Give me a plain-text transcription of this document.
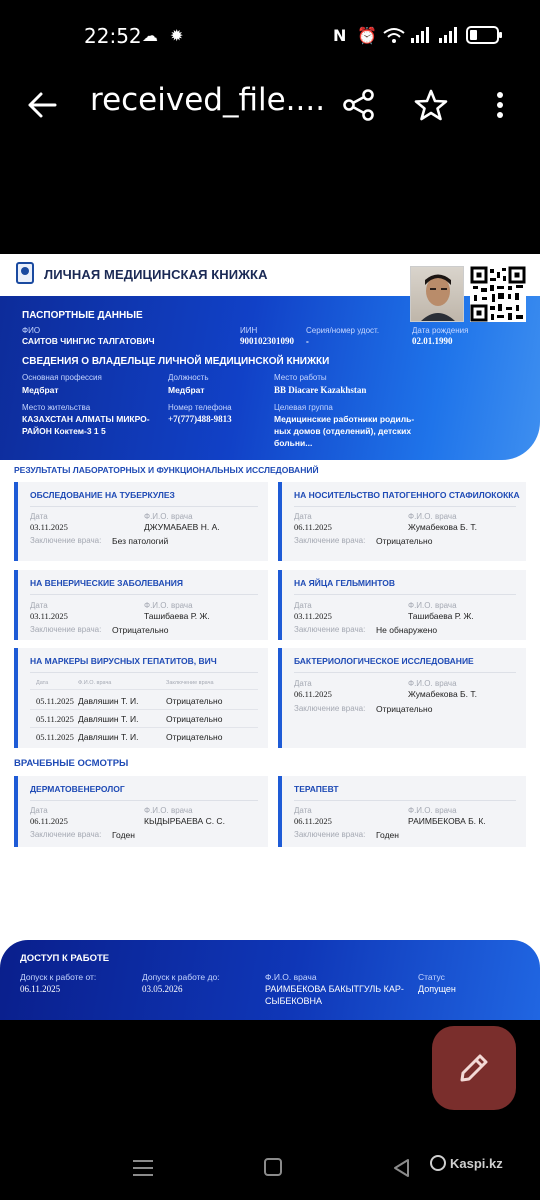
22:52 ☁ ✹	Ν ⏰
received_file....
ЛИЧНАЯ МЕДИЦИНСКАЯ КНИЖКА
ПАСПОРТНЫЕ ДАННЫЕ
ФИО
САИТОВ ЧИНГИС ТАЛГАТОВИЧ
ИИН
900102301090
Серия/номер удост.
-
Дата рождения
02.01.1990
СВЕДЕНИЯ О ВЛАДЕЛЬЦЕ ЛИЧНОЙ МЕДИЦИНСКОЙ КНИЖКИ
Основная профессия
Медбрат
Должность
Медбрат
Место работы
BB Diacare Kazakhstan
Место жительства
КАЗАХСТАН АЛМАТЫ МИКРО-
РАЙОН Коктем-3 1 5
Номер телефона
+7(777)488-9813
Целевая группа
Медицинские работники родиль-
ных домов (отделений), детских
больни...
РЕЗУЛЬТАТЫ ЛАБОРАТОРНЫХ И ФУНКЦИОНАЛЬНЫХ ИССЛЕДОВАНИЙ
ОБСЛЕДОВАНИЕ НА ТУБЕРКУЛЕЗ
Дата
03.11.2025
Ф.И.О. врача
ДЖУМАБАЕВ Н. А.
Заключение врача: Без патологий
НА НОСИТЕЛЬСТВО ПАТОГЕННОГО СТАФИЛОКОККА
Дата
06.11.2025
Ф.И.О. врача
Жумабекова Б. Т.
Заключение врача: Отрицательно
НА ВЕНЕРИЧЕСКИЕ ЗАБОЛЕВАНИЯ
Дата
03.11.2025
Ф.И.О. врача
Ташибаева Р. Ж.
Заключение врача: Отрицательно
НА ЯЙЦА ГЕЛЬМИНТОВ
Дата
03.11.2025
Ф.И.О. врача
Ташибаева Р. Ж.
Заключение врача: Не обнаружено
НА МАРКЕРЫ ВИРУСНЫХ ГЕПАТИТОВ, ВИЧ
Дата	Ф.И.О. врача	Заключение врача
05.11.2025 Давляшин Т. И.	Отрицательно
05.11.2025 Давляшин Т. И.	Отрицательно
05.11.2025 Давляшин Т. И.	Отрицательно
БАКТЕРИОЛОГИЧЕСКОЕ ИССЛЕДОВАНИЕ
Дата
06.11.2025
Ф.И.О. врача
Жумабекова Б. Т.
Заключение врача: Отрицательно
ВРАЧЕБНЫЕ ОСМОТРЫ
ДЕРМАТОВЕНЕРОЛОГ
Дата
06.11.2025
Ф.И.О. врача
КЫДЫРБАЕВА С. С.
Заключение врача: Годен
ТЕРАПЕВТ
Дата
06.11.2025
Ф.И.О. врача
РАИМБЕКОВА Б. К.
Заключение врача: Годен
ДОСТУП К РАБОТЕ
Допуск к работе от:
06.11.2025
Допуск к работе до:
03.05.2026
Ф.И.О. врача
РАИМБЕКОВА БАКЫТГУЛЬ КАР-
СЫБЕКОВНА
Статус
Допущен
Kaspi.kz
